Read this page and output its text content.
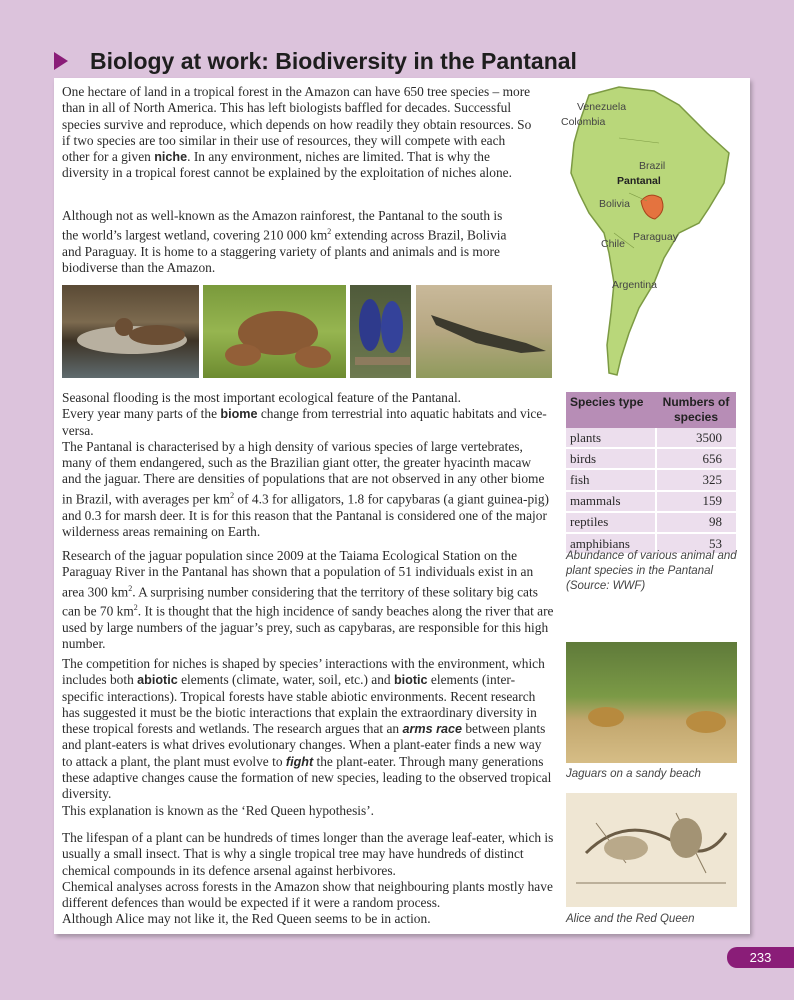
Biology at work: Biodiversity in the Pantanal

One hectare of land in a tropical forest in the Amazon can have 650 tree species – more than in all of North America. This has left biologists baffled for decades. Successful species survive and reproduce, which depends on how readily they obtain resources. So if two species are too similar in their use of resources, they will compete with each other for a given niche. In any environment, niches are limited. That is why the diversity in a tropical forest cannot be explained by the exploitation of niches alone.

Although not as well-known as the Amazon rainforest, the Pantanal to the south is the world’s largest wetland, covering 210 000 $km^2$ extending across Brazil, Bolivia and Paraguay. It is home to a staggering variety of plants and animals and is more biodiverse than the Amazon.

Venezuela
Colombia
Brazil
Pantanal
Bolivia
Chile
Paraguay
Argentina
Seasonal flooding is the most important ecological feature of the Pantanal.
Every year many parts of the biome change from terrestrial into aquatic habitats and vice-versa.
The Pantanal is characterised by a high density of various species of large vertebrates, many of them endangered, such as the Brazilian giant otter, the greater hyacinth macaw and the jaguar. There are densities of populations that are not observed in any other biome in Brazil, with averages per $km^2$ of 4.3 for alligators, 1.8 for capybaras (a giant guinea-pig) and 0.3 for marsh deer. It is for this reason that the Pantanal is considered one of the major wilderness areas remaining on Earth.
Species type	Numbers of species
plants	3500
birds	656
fish	325
mammals	159
reptiles	98
amphibians	53

Abundance of various animal and plant species in the Pantanal (Source: WWF)

Research of the jaguar population since 2009 at the Taiama Ecological Station on the Paraguay River in the Pantanal has shown that a population of 51 individuals exist in an area 300 $km^2$. A surprising number considering that the territory of these solitary big cats can be 70 $km^2$. It is thought that the high incidence of sandy beaches along the river that are used by large numbers of the jaguar’s prey, such as capybaras, are responsible for this high number.

The competition for niches is shaped by species’ interactions with the environment, which includes both abiotic elements (climate, water, soil, etc.) and biotic elements (inter-specific interactions). Tropical forests have stable abiotic environments. Recent research has suggested it must be the biotic interactions that explain the extraordinary diversity in these tropical forests and wetlands. The research argues that an arms race between plants and plant-eaters is what drives evolutionary changes. When a plant-eater finds a new way to attack a plant, the plant must evolve to fight the plant-eater. Through many generations these adaptive changes cause the formation of new species, leading to the observed tropical diversity.
This explanation is known as the ‘Red Queen hypothesis’.
The lifespan of a plant can be hundreds of times longer than the average leaf-eater, which is usually a small insect. That is why a single tropical tree may have hundreds of distinct chemical compounds in its defence arsenal against herbivores.
Chemical analyses across forests in the Amazon show that neighbouring plants mostly have different defences than would be expected if it were a random process.
Although Alice may not like it, the Red Queen seems to be in action.

Jaguars on a sandy beach

Alice and the Red Queen

233
